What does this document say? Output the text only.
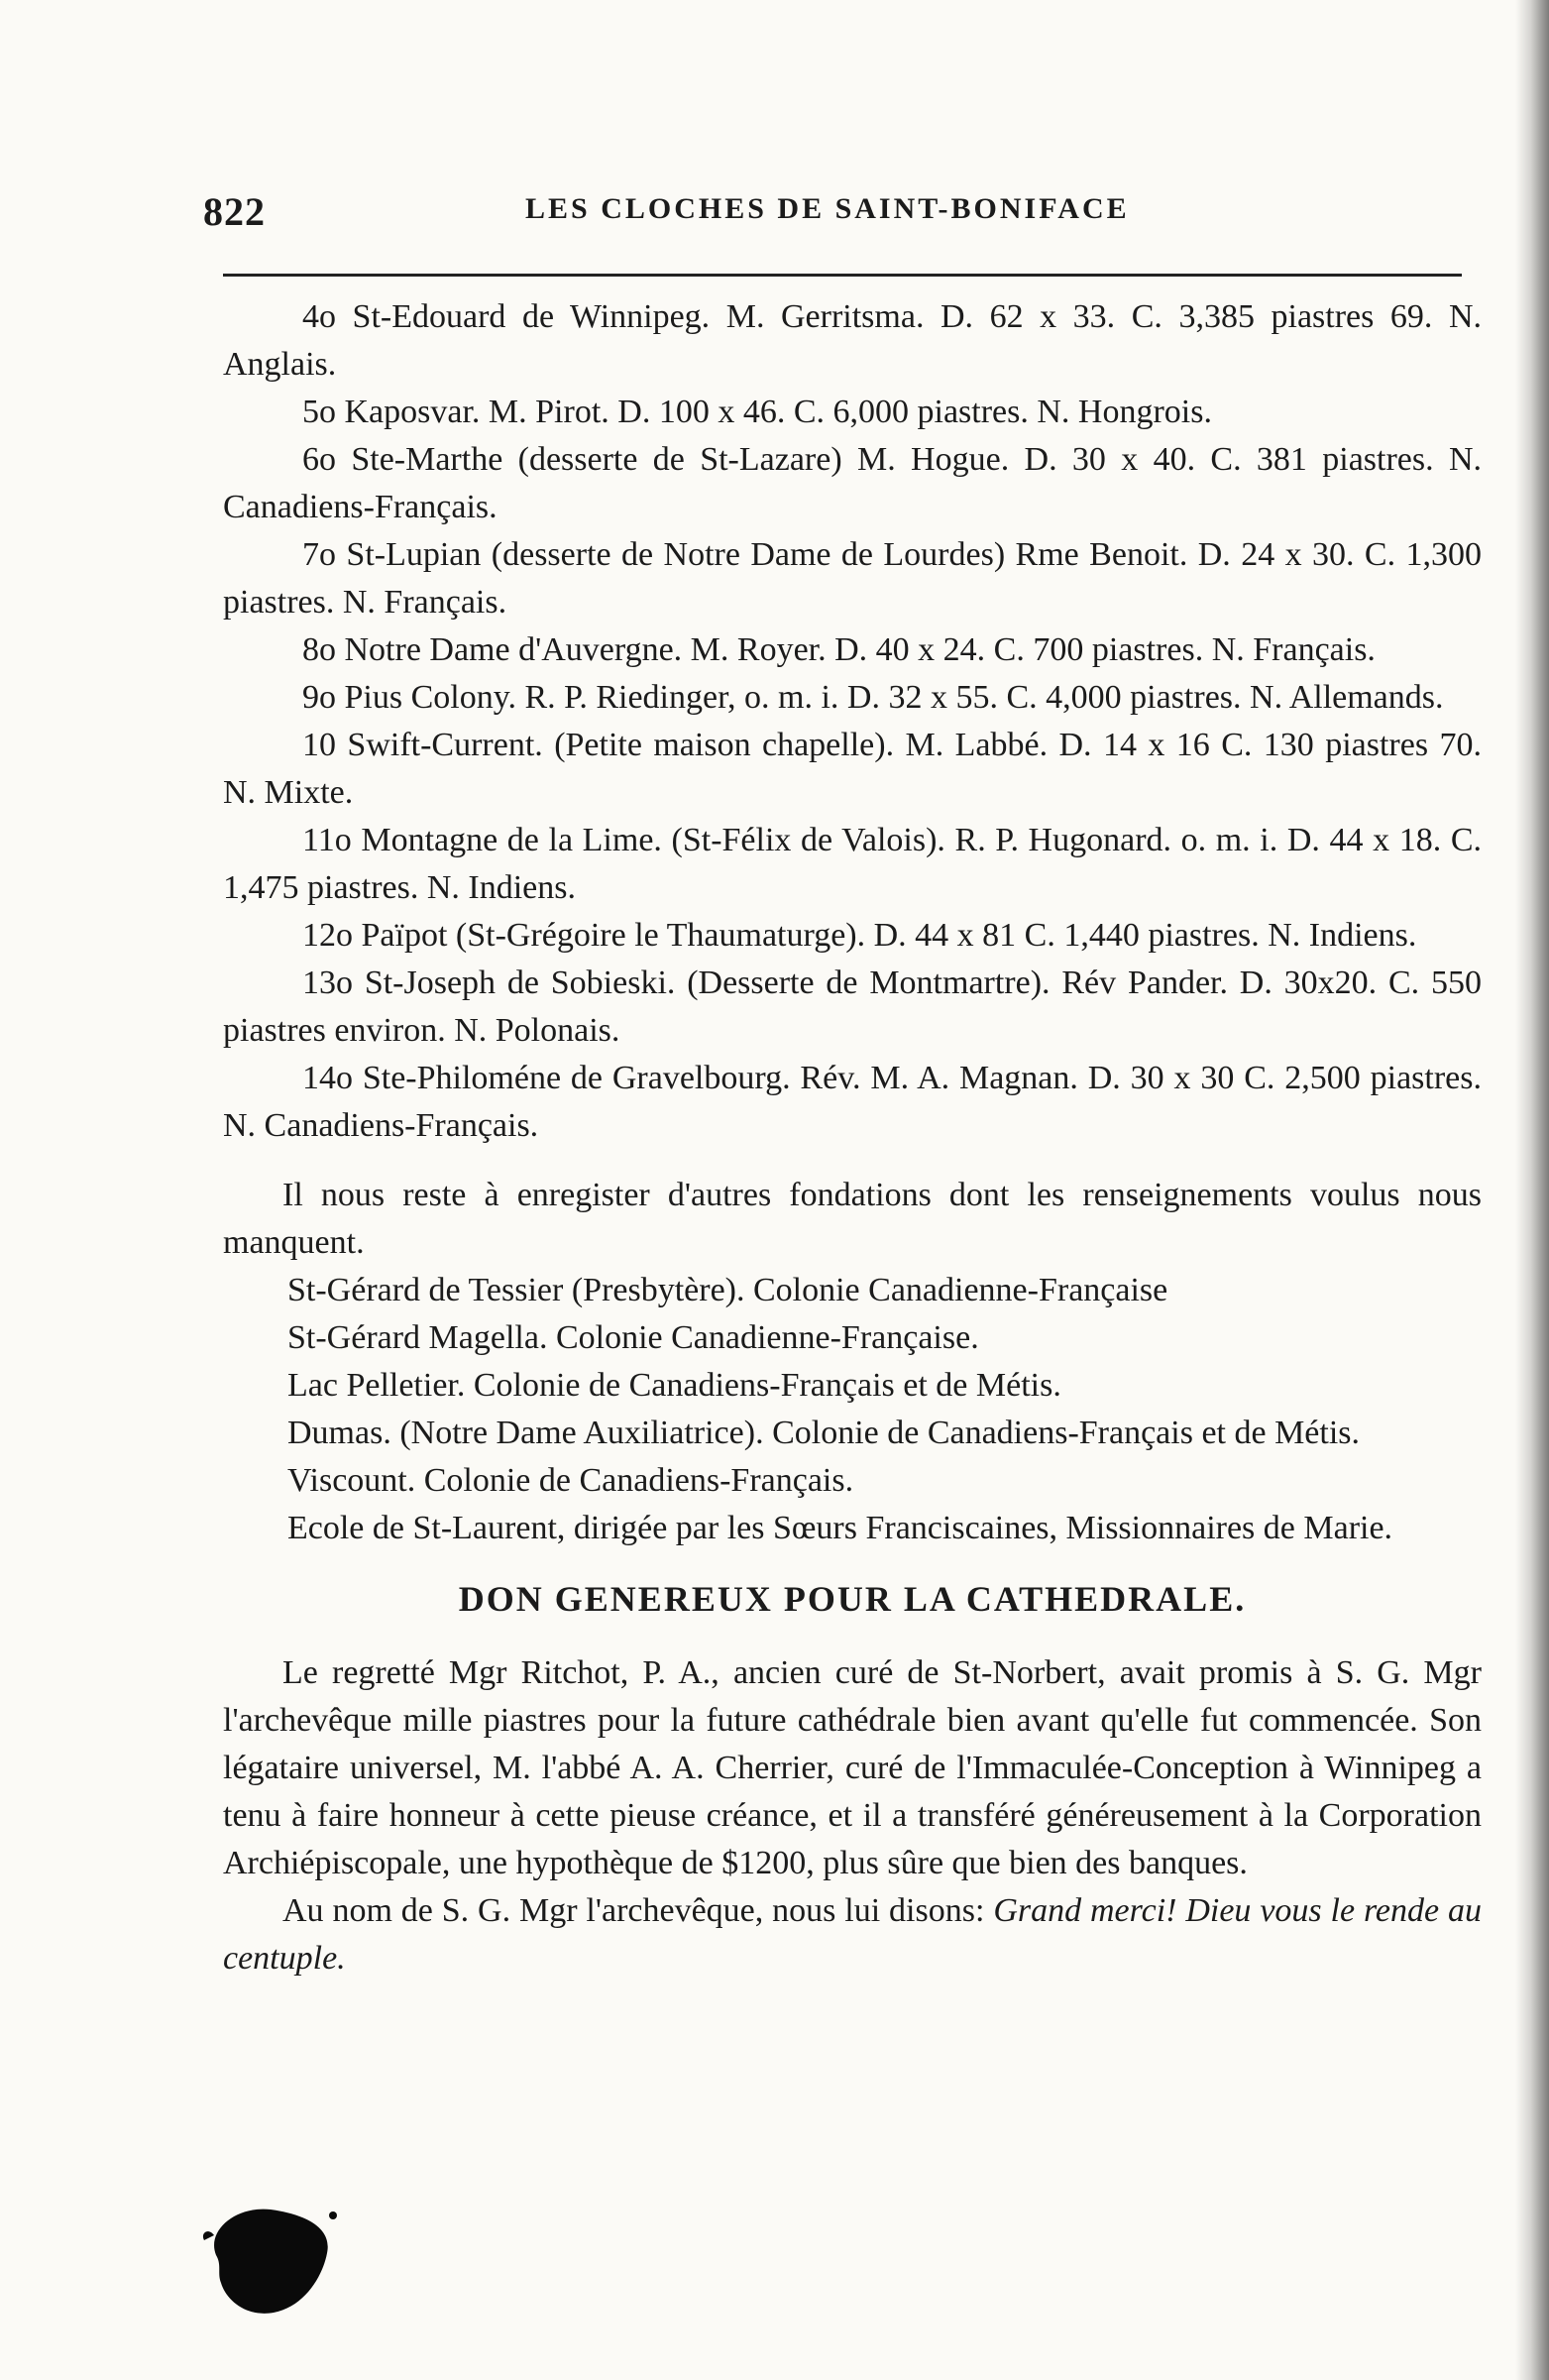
822	LES CLOCHES DE SAINT-BONIFACE

4o St-Edouard de Winnipeg. M. Gerritsma. D. 62 x 33. C. 3,385 piastres 69. N. Anglais.

5o Kaposvar. M. Pirot. D. 100 x 46. C. 6,000 piastres. N. Hongrois.

6o Ste-Marthe (desserte de St-Lazare) M. Hogue. D. 30 x 40. C. 381 piastres. N. Canadiens-Français.

7o St-Lupian (desserte de Notre Dame de Lourdes) Rme Benoit. D. 24 x 30. C. 1,300 piastres. N. Français.

8o Notre Dame d'Auvergne. M. Royer. D. 40 x 24. C. 700 piastres. N. Français.

9o Pius Colony. R. P. Riedinger, o. m. i. D. 32 x 55. C. 4,000 piastres. N. Allemands.

10 Swift-Current. (Petite maison chapelle). M. Labbé. D. 14 x 16 C. 130 piastres 70. N. Mixte.

11o Montagne de la Lime. (St-Félix de Valois). R. P. Hugonard. o. m. i. D. 44 x 18. C. 1,475 piastres. N. Indiens.

12o Païpot (St-Grégoire le Thaumaturge). D. 44 x 81 C. 1,440 piastres. N. Indiens.

13o St-Joseph de Sobieski. (Desserte de Montmartre). Rév Pander. D. 30x20. C. 550 piastres environ. N. Polonais.

14o Ste-Philoméne de Gravelbourg. Rév. M. A. Magnan. D. 30 x 30 C. 2,500 piastres. N. Canadiens-Français.

Il nous reste à enregister d'autres fondations dont les renseignements voulus nous manquent.

St-Gérard de Tessier (Presbytère). Colonie Canadienne-Française

St-Gérard Magella. Colonie Canadienne-Française.

Lac Pelletier. Colonie de Canadiens-Français et de Métis.

Dumas. (Notre Dame Auxiliatrice). Colonie de Canadiens-Français et de Métis.

Viscount. Colonie de Canadiens-Français.

Ecole de St-Laurent, dirigée par les Sœurs Franciscaines, Missionnaires de Marie.

DON GENEREUX POUR LA CATHEDRALE.

Le regretté Mgr Ritchot, P. A., ancien curé de St-Norbert, avait promis à S. G. Mgr l'archevêque mille piastres pour la future cathédrale bien avant qu'elle fut commencée. Son légataire universel, M. l'abbé A. A. Cherrier, curé de l'Immaculée-Conception à Winnipeg a tenu à faire honneur à cette pieuse créance, et il a transféré généreusement à la Corporation Archiépiscopale, une hypothèque de $1200, plus sûre que bien des banques.

Au nom de S. G. Mgr l'archevêque, nous lui disons: Grand merci! Dieu vous le rende au centuple.
